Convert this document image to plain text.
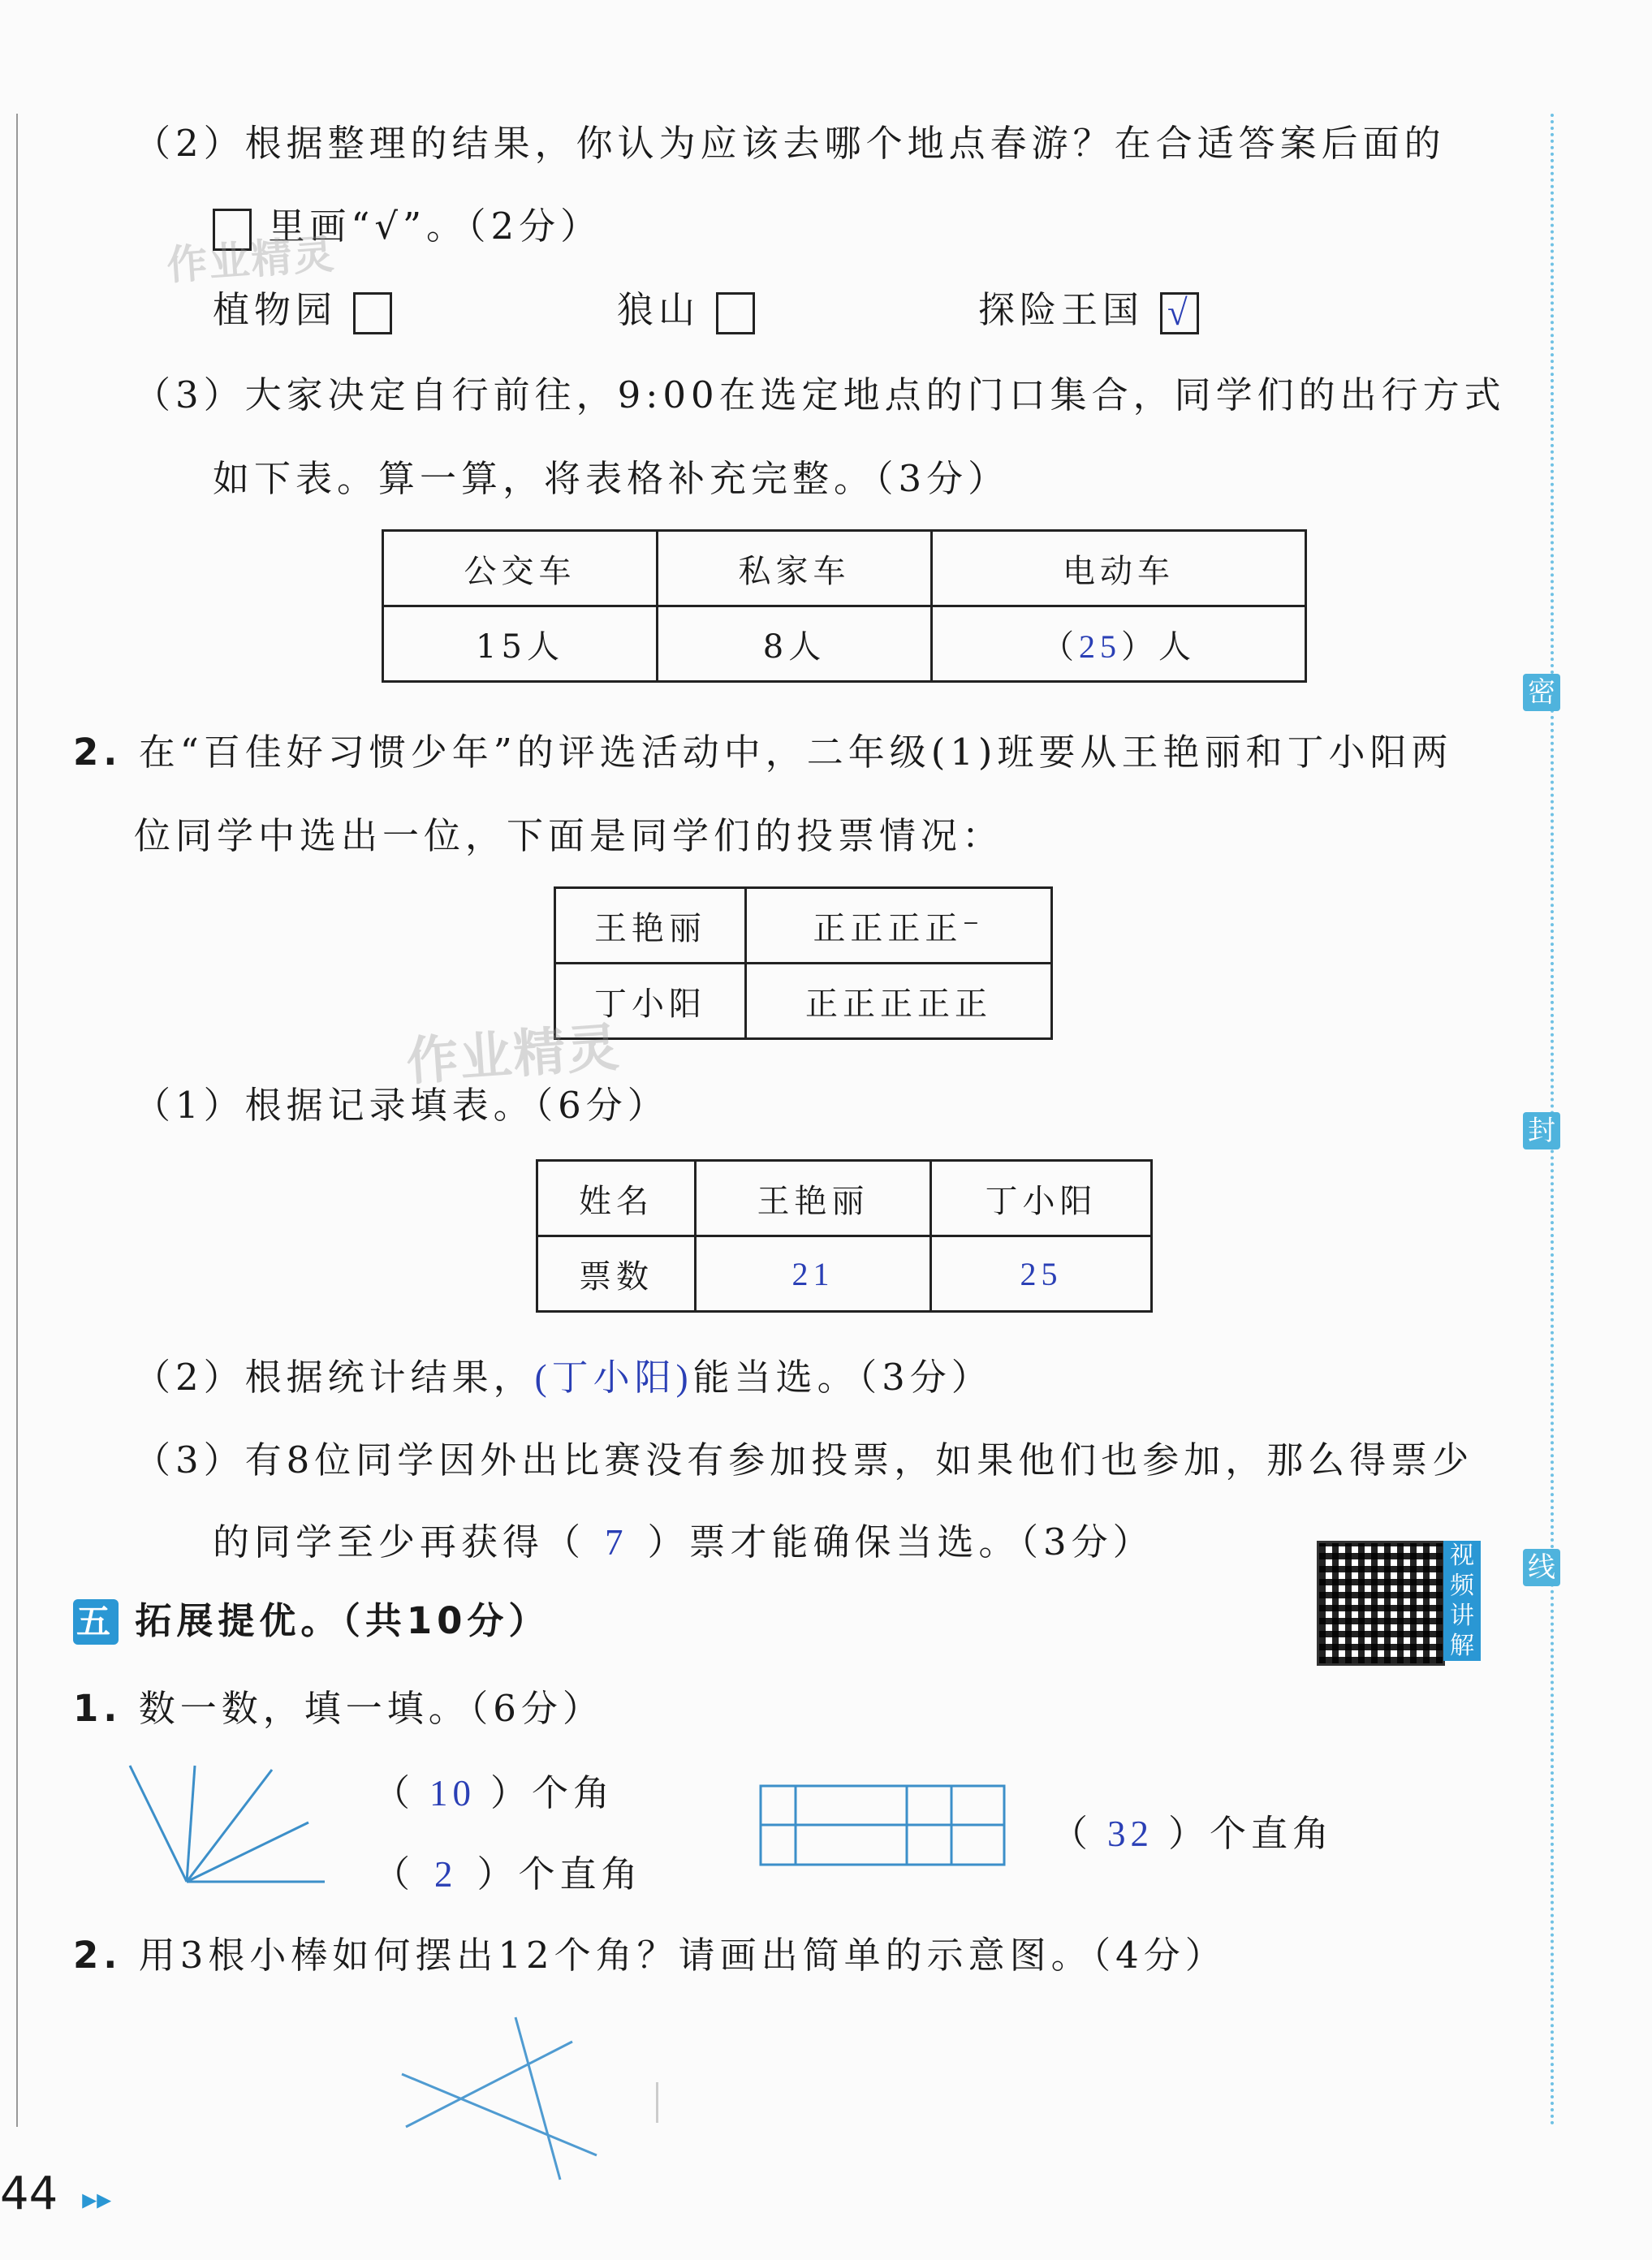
密
封
线
（2）根据整理的结果，你认为应该去哪个地点春游？在合适答案后面的
里画“√”。（2分）
作业精灵
植物园	狼山	探险王国 √
（3）大家决定自行前往，9:00在选定地点的门口集合，同学们的出行方式
如下表。算一算，将表格补充完整。（3分）
公交车	私家车	电动车
15人	8人	（25）人
2. 在“百佳好习惯少年”的评选活动中，二年级(1)班要从王艳丽和丁小阳两
位同学中选出一位，下面是同学们的投票情况：
王艳丽	正正正正⁻
丁小阳	正正正正正
作业精灵
（1）根据记录填表。（6分）
姓名	王艳丽	丁小阳
票数	21	25
（2）根据统计结果，(丁小阳)能当选。（3分）
（3）有8位同学因外出比赛没有参加投票，如果他们也参加，那么得票少
的同学至少再获得（ 7 ）票才能确保当选。（3分）	视频讲解
五 拓展提优。（共10分）
1. 数一数，填一填。（6分）
（ 10 ）个角
（ 2 ）个直角
（ 32 ）个直角
2. 用3根小棒如何摆出12个角？请画出简单的示意图。（4分）
44 ▸▸
